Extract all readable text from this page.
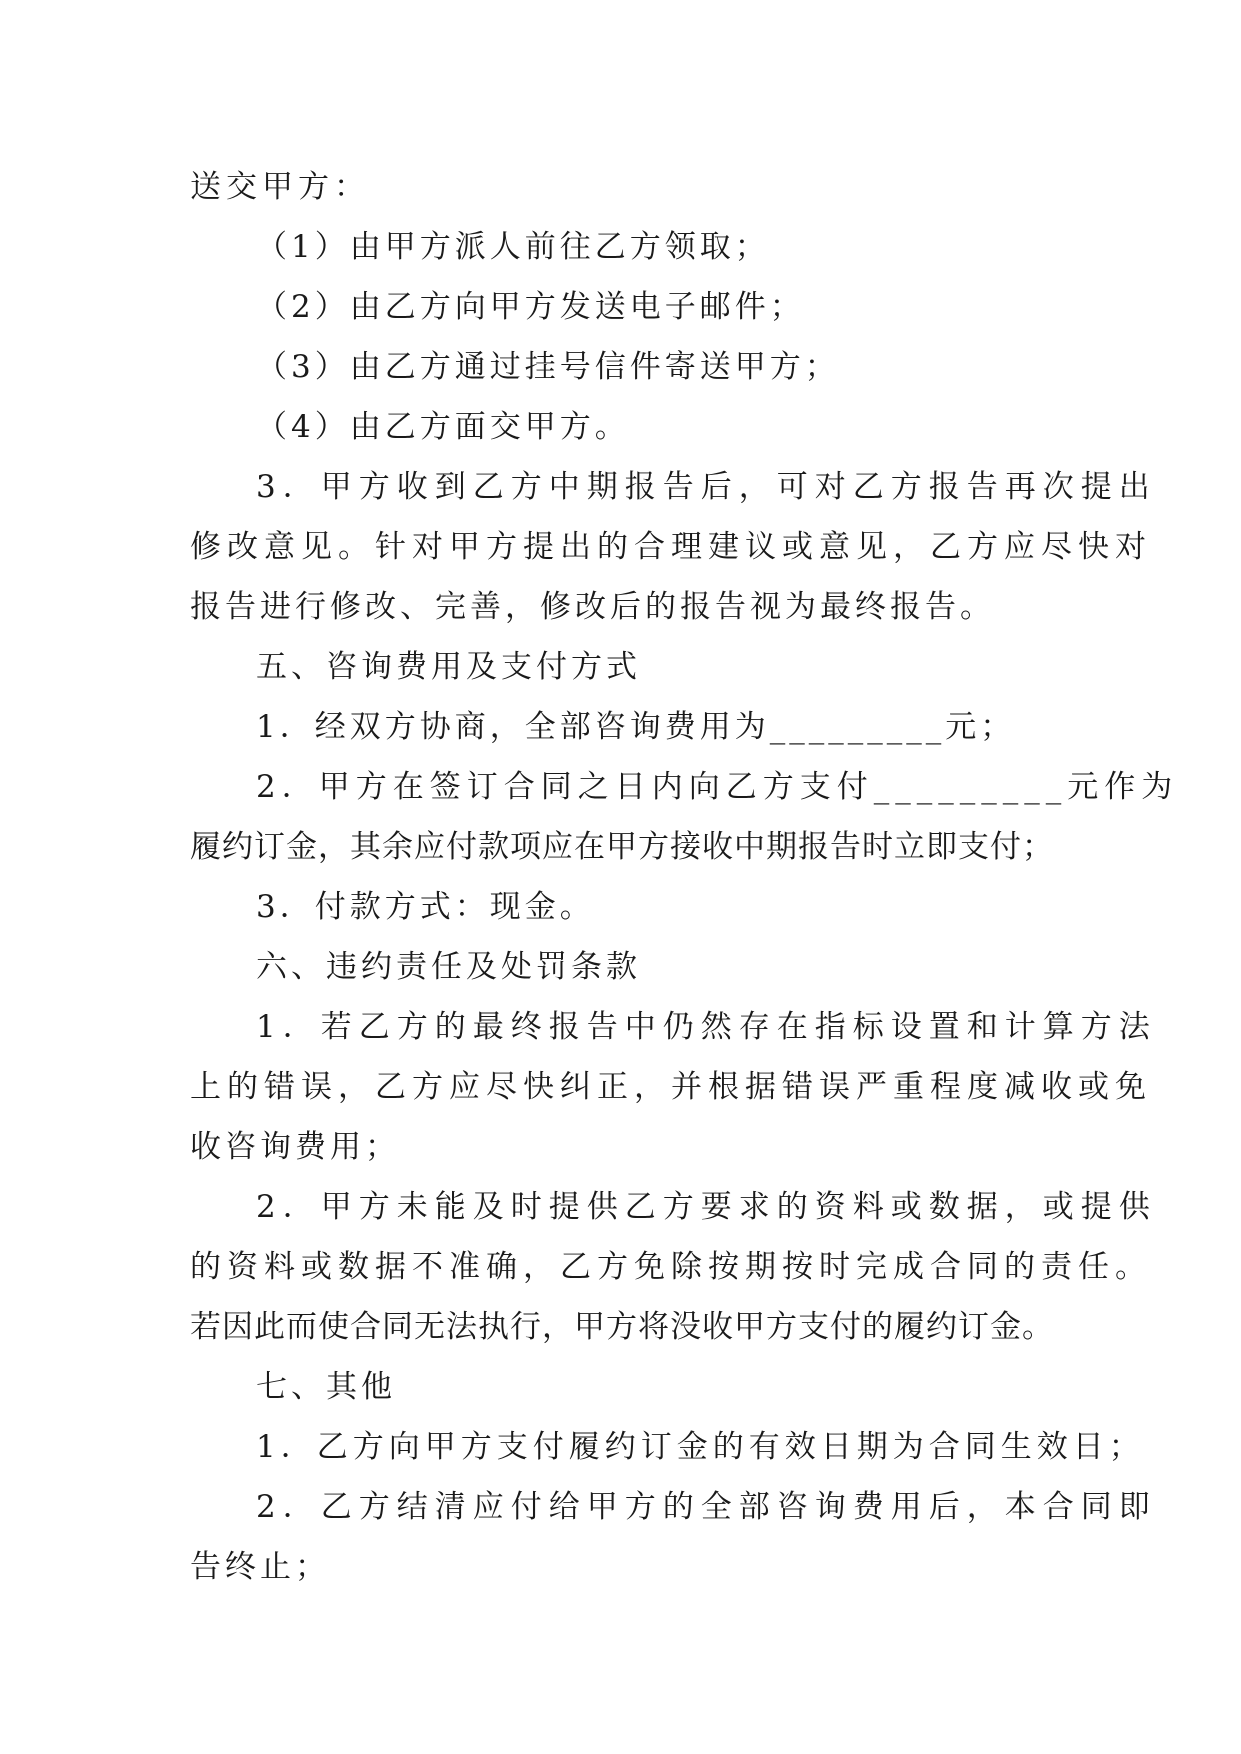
送交甲方：
（1）由甲方派人前往乙方领取；
（2）由乙方向甲方发送电子邮件；
（3）由乙方通过挂号信件寄送甲方；
（4）由乙方面交甲方。
3．甲方收到乙方中期报告后，可对乙方报告再次提出
修改意见。针对甲方提出的合理建议或意见，乙方应尽快对
报告进行修改、完善，修改后的报告视为最终报告。
五、咨询费用及支付方式
1．经双方协商，全部咨询费用为_________元；
2．甲方在签订合同之日内向乙方支付_________元作为
履约订金，其余应付款项应在甲方接收中期报告时立即支付；
3．付款方式：现金。
六、违约责任及处罚条款
1．若乙方的最终报告中仍然存在指标设置和计算方法
上的错误，乙方应尽快纠正，并根据错误严重程度减收或免
收咨询费用；
2．甲方未能及时提供乙方要求的资料或数据，或提供
的资料或数据不准确，乙方免除按期按时完成合同的责任。
若因此而使合同无法执行，甲方将没收甲方支付的履约订金。
七、其他
1．乙方向甲方支付履约订金的有效日期为合同生效日；
2．乙方结清应付给甲方的全部咨询费用后，本合同即
告终止；
